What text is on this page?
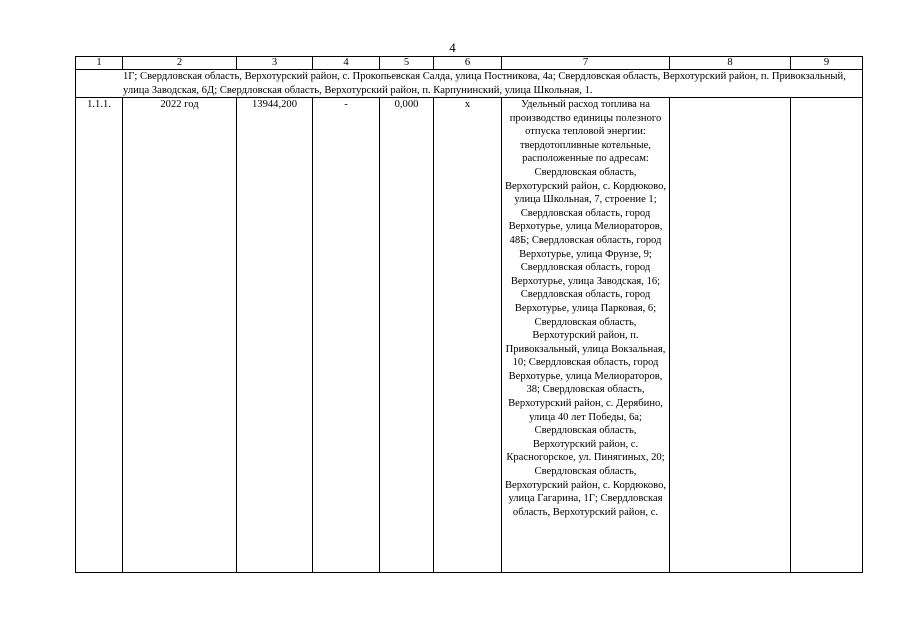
4
1	2	3	4	5	6	7	8	9
1Г; Свердловская область, Верхотурский район, с. Прокопьевская Салда, улица Постникова, 4а; Свердловская область, Верхотурский район, п. Привокзальный, улица Заводская, 6Д; Свердловская область, Верхотурский район, п. Карпунинский, улица Школьная, 1.								
1.1.1.	2022 год	13944,200	-	0,000	х	Удельный расход топлива на производство единицы полезного отпуска тепловой энергии: твердотопливные котельные, расположенные по адресам: Свердловская область, Верхотурский район, с. Кордюково, улица Школьная, 7, строение 1; Свердловская область, город Верхотурье, улица Мелиораторов, 48Б; Свердловская область, город Верхотурье, улица Фрунзе, 9; Свердловская область, город Верхотурье, улица Заводская, 16; Свердловская область, город Верхотурье, улица Парковая, 6; Свердловская область, Верхотурский район, п. Привокзальный, улица Вокзальная, 10; Свердловская область, город Верхотурье, улица Мелиораторов, 38; Свердловская область, Верхотурский район, с. Дерябино, улица 40 лет Победы, 6а; Свердловская область, Верхотурский район, с. Красногорское, ул. Пинягиных, 20; Свердловская область, Верхотурский район, с. Кордюково, улица Гагарина, 1Г; Свердловская область, Верхотурский район, с.		
